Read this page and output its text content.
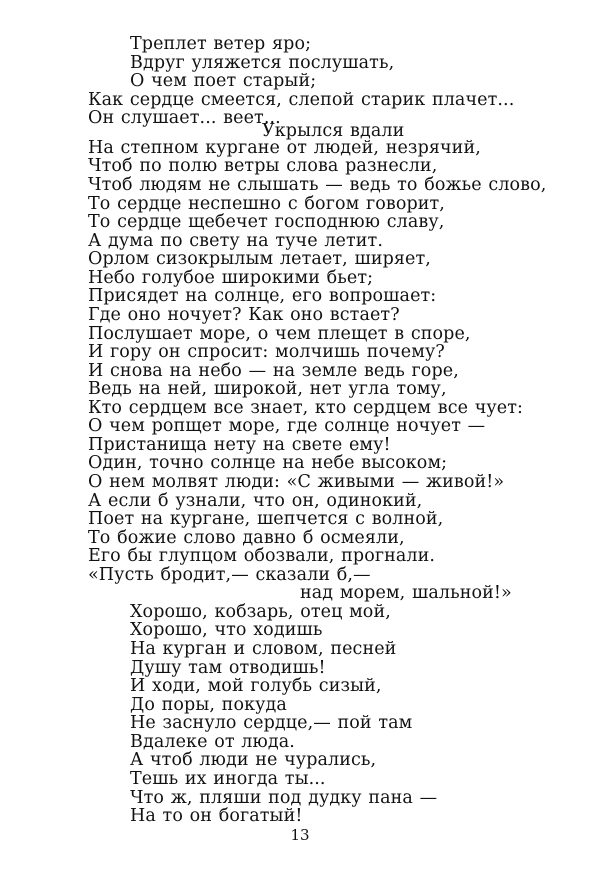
Треплет ветер яро;
Вдруг уляжется послушать,
О чем поет старый;
Как сердце смеется, слепой старик плачет...
Он слушает... веет...
Укрылся вдали
На степном кургане от людей, незрячий,
Чтоб по полю ветры слова разнесли,
Чтоб людям не слышать — ведь то божье слово,
То сердце неспешно с богом говорит,
То сердце щебечет господнюю славу,
А дума по свету на туче летит.
Орлом сизокрылым летает, ширяет,
Небо голубое широкими бьет;
Присядет на солнце, его вопрошает:
Где оно ночует? Как оно встает?
Послушает море, о чем плещет в споре,
И гору он спросит: молчишь почему?
И снова на небо — на земле ведь горе,
Ведь на ней, широкой, нет угла тому,
Кто сердцем все знает, кто сердцем все чует:
О чем ропщет море, где солнце ночует —
Пристанища нету на свете ему!
Один, точно солнце на небе высоком;
О нем молвят люди: «С живыми — живой!»
А если б узнали, что он, одинокий,
Поет на кургане, шепчется с волной,
То божие слово давно б осмеяли,
Его бы глупцом обозвали, прогнали.
«Пусть бродит,— сказали б,—
над морем, шальной!»
Хорошо, кобзарь, отец мой,
Хорошо, что ходишь
На курган и словом, песней
Душу там отводишь!
И ходи, мой голубь сизый,
До поры, покуда
Не заснуло сердце,— пой там
Вдалеке от люда.
А чтоб люди не чурались,
Тешь их иногда ты...
Что ж, пляши под дудку пана —
На то он богатый!
13
